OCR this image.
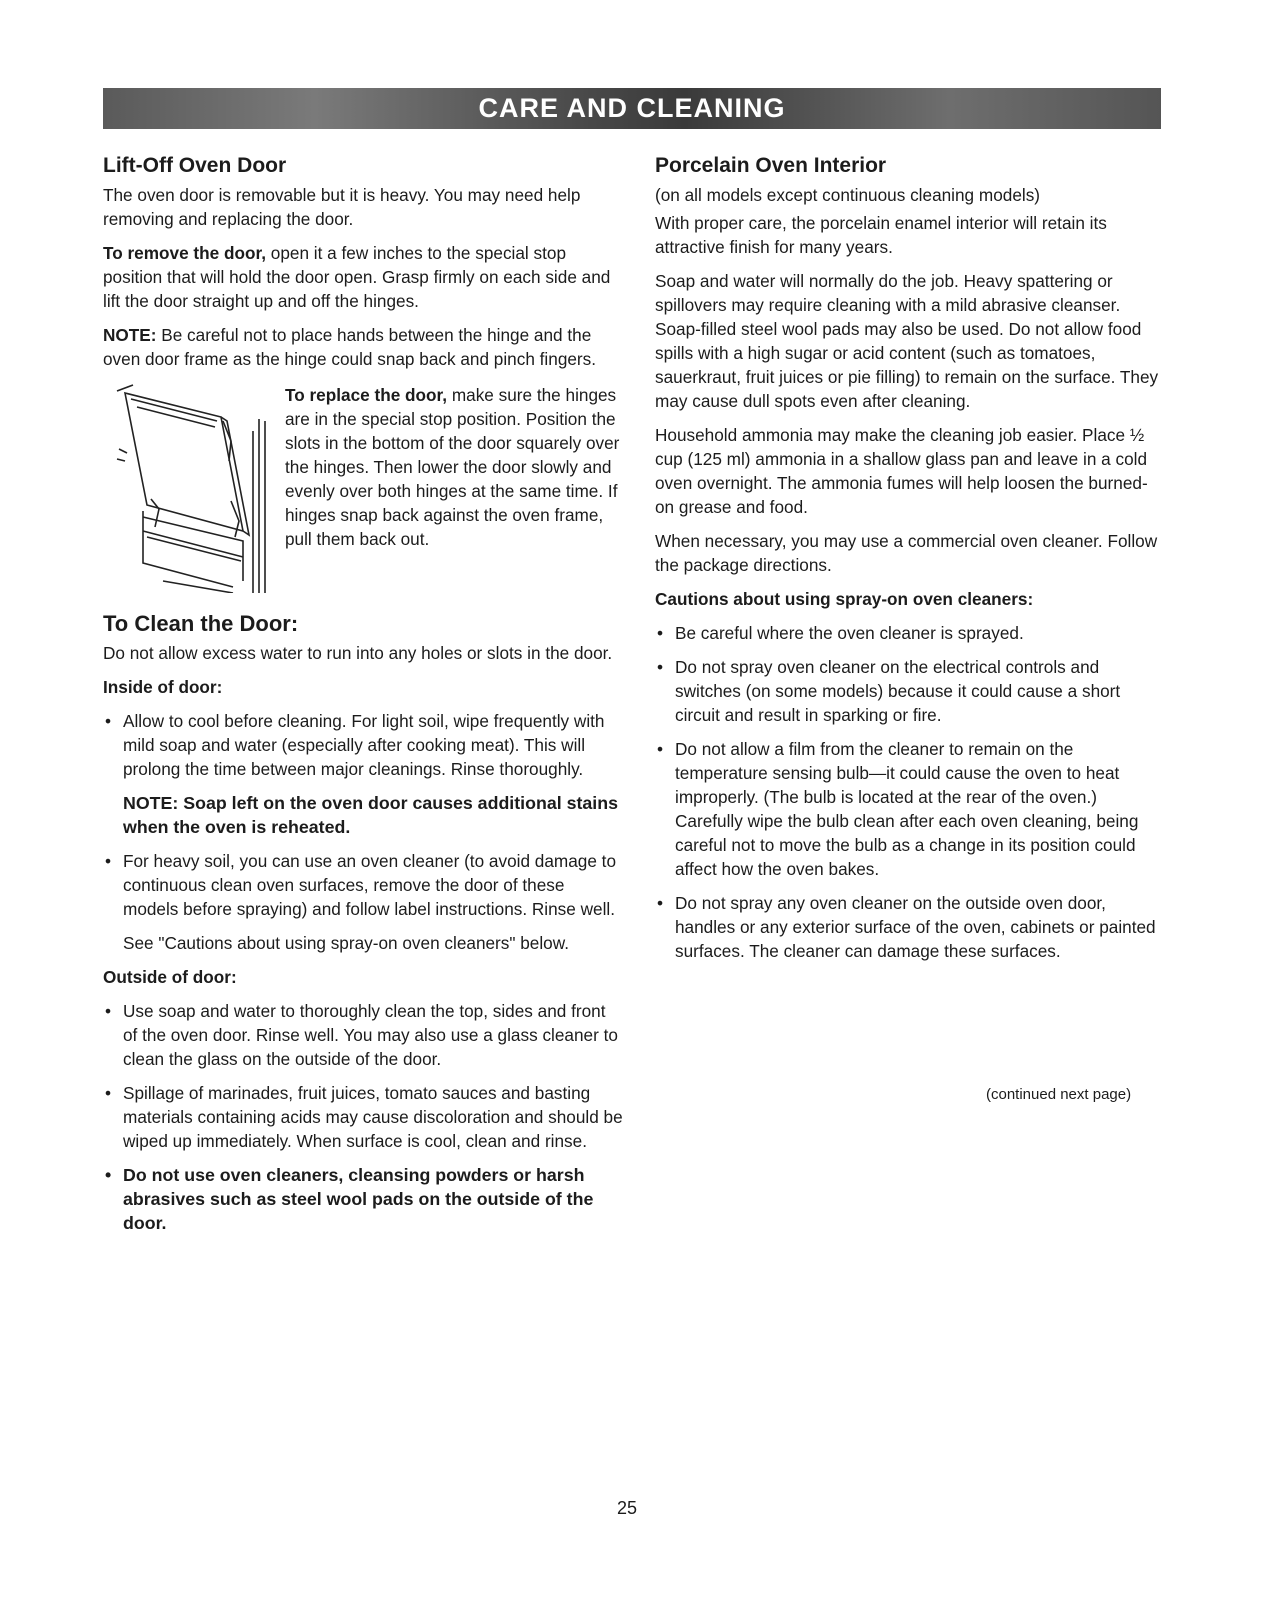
CARE AND CLEANING
Lift-Off Oven Door

The oven door is removable but it is heavy. You may need help removing and replacing the door.

To remove the door, open it a few inches to the special stop position that will hold the door open. Grasp firmly on each side and lift the door straight up and off the hinges.

NOTE: Be careful not to place hands between the hinge and the oven door frame as the hinge could snap back and pinch fingers.

To replace the door, make sure the hinges are in the special stop position. Position the slots in the bottom of the door squarely over the hinges. Then lower the door slowly and evenly over both hinges at the same time. If hinges snap back against the oven frame, pull them back out.

To Clean the Door:

Do not allow excess water to run into any holes or slots in the door.

Inside of door:
• Allow to cool before cleaning. For light soil, wipe frequently with mild soap and water (especially after cooking meat). This will prolong the time between major cleanings. Rinse thoroughly.
NOTE: Soap left on the oven door causes additional stains when the oven is reheated.
• For heavy soil, you can use an oven cleaner (to avoid damage to continuous clean oven surfaces, remove the door of these models before spraying) and follow label instructions. Rinse well.

See "Cautions about using spray-on oven cleaners" below.

Outside of door:
• Use soap and water to thoroughly clean the top, sides and front of the oven door. Rinse well. You may also use a glass cleaner to clean the glass on the outside of the door.
• Spillage of marinades, fruit juices, tomato sauces and basting materials containing acids may cause discoloration and should be wiped up immediately. When surface is cool, clean and rinse.
• Do not use oven cleaners, cleansing powders or harsh abrasives such as steel wool pads on the outside of the door.
Porcelain Oven Interior

(on all models except continuous cleaning models)

With proper care, the porcelain enamel interior will retain its attractive finish for many years.

Soap and water will normally do the job. Heavy spattering or spillovers may require cleaning with a mild abrasive cleanser. Soap-filled steel wool pads may also be used. Do not allow food spills with a high sugar or acid content (such as tomatoes, sauerkraut, fruit juices or pie filling) to remain on the surface. They may cause dull spots even after cleaning.

Household ammonia may make the cleaning job easier. Place ½ cup (125 ml) ammonia in a shallow glass pan and leave in a cold oven overnight. The ammonia fumes will help loosen the burned-on grease and food.

When necessary, you may use a commercial oven cleaner. Follow the package directions.

Cautions about using spray-on oven cleaners:
• Be careful where the oven cleaner is sprayed.
• Do not spray oven cleaner on the electrical controls and switches (on some models) because it could cause a short circuit and result in sparking or fire.
• Do not allow a film from the cleaner to remain on the temperature sensing bulb—it could cause the oven to heat improperly. (The bulb is located at the rear of the oven.) Carefully wipe the bulb clean after each oven cleaning, being careful not to move the bulb as a change in its position could affect how the oven bakes.
• Do not spray any oven cleaner on the outside oven door, handles or any exterior surface of the oven, cabinets or painted surfaces. The cleaner can damage these surfaces.
(continued next page)
25
